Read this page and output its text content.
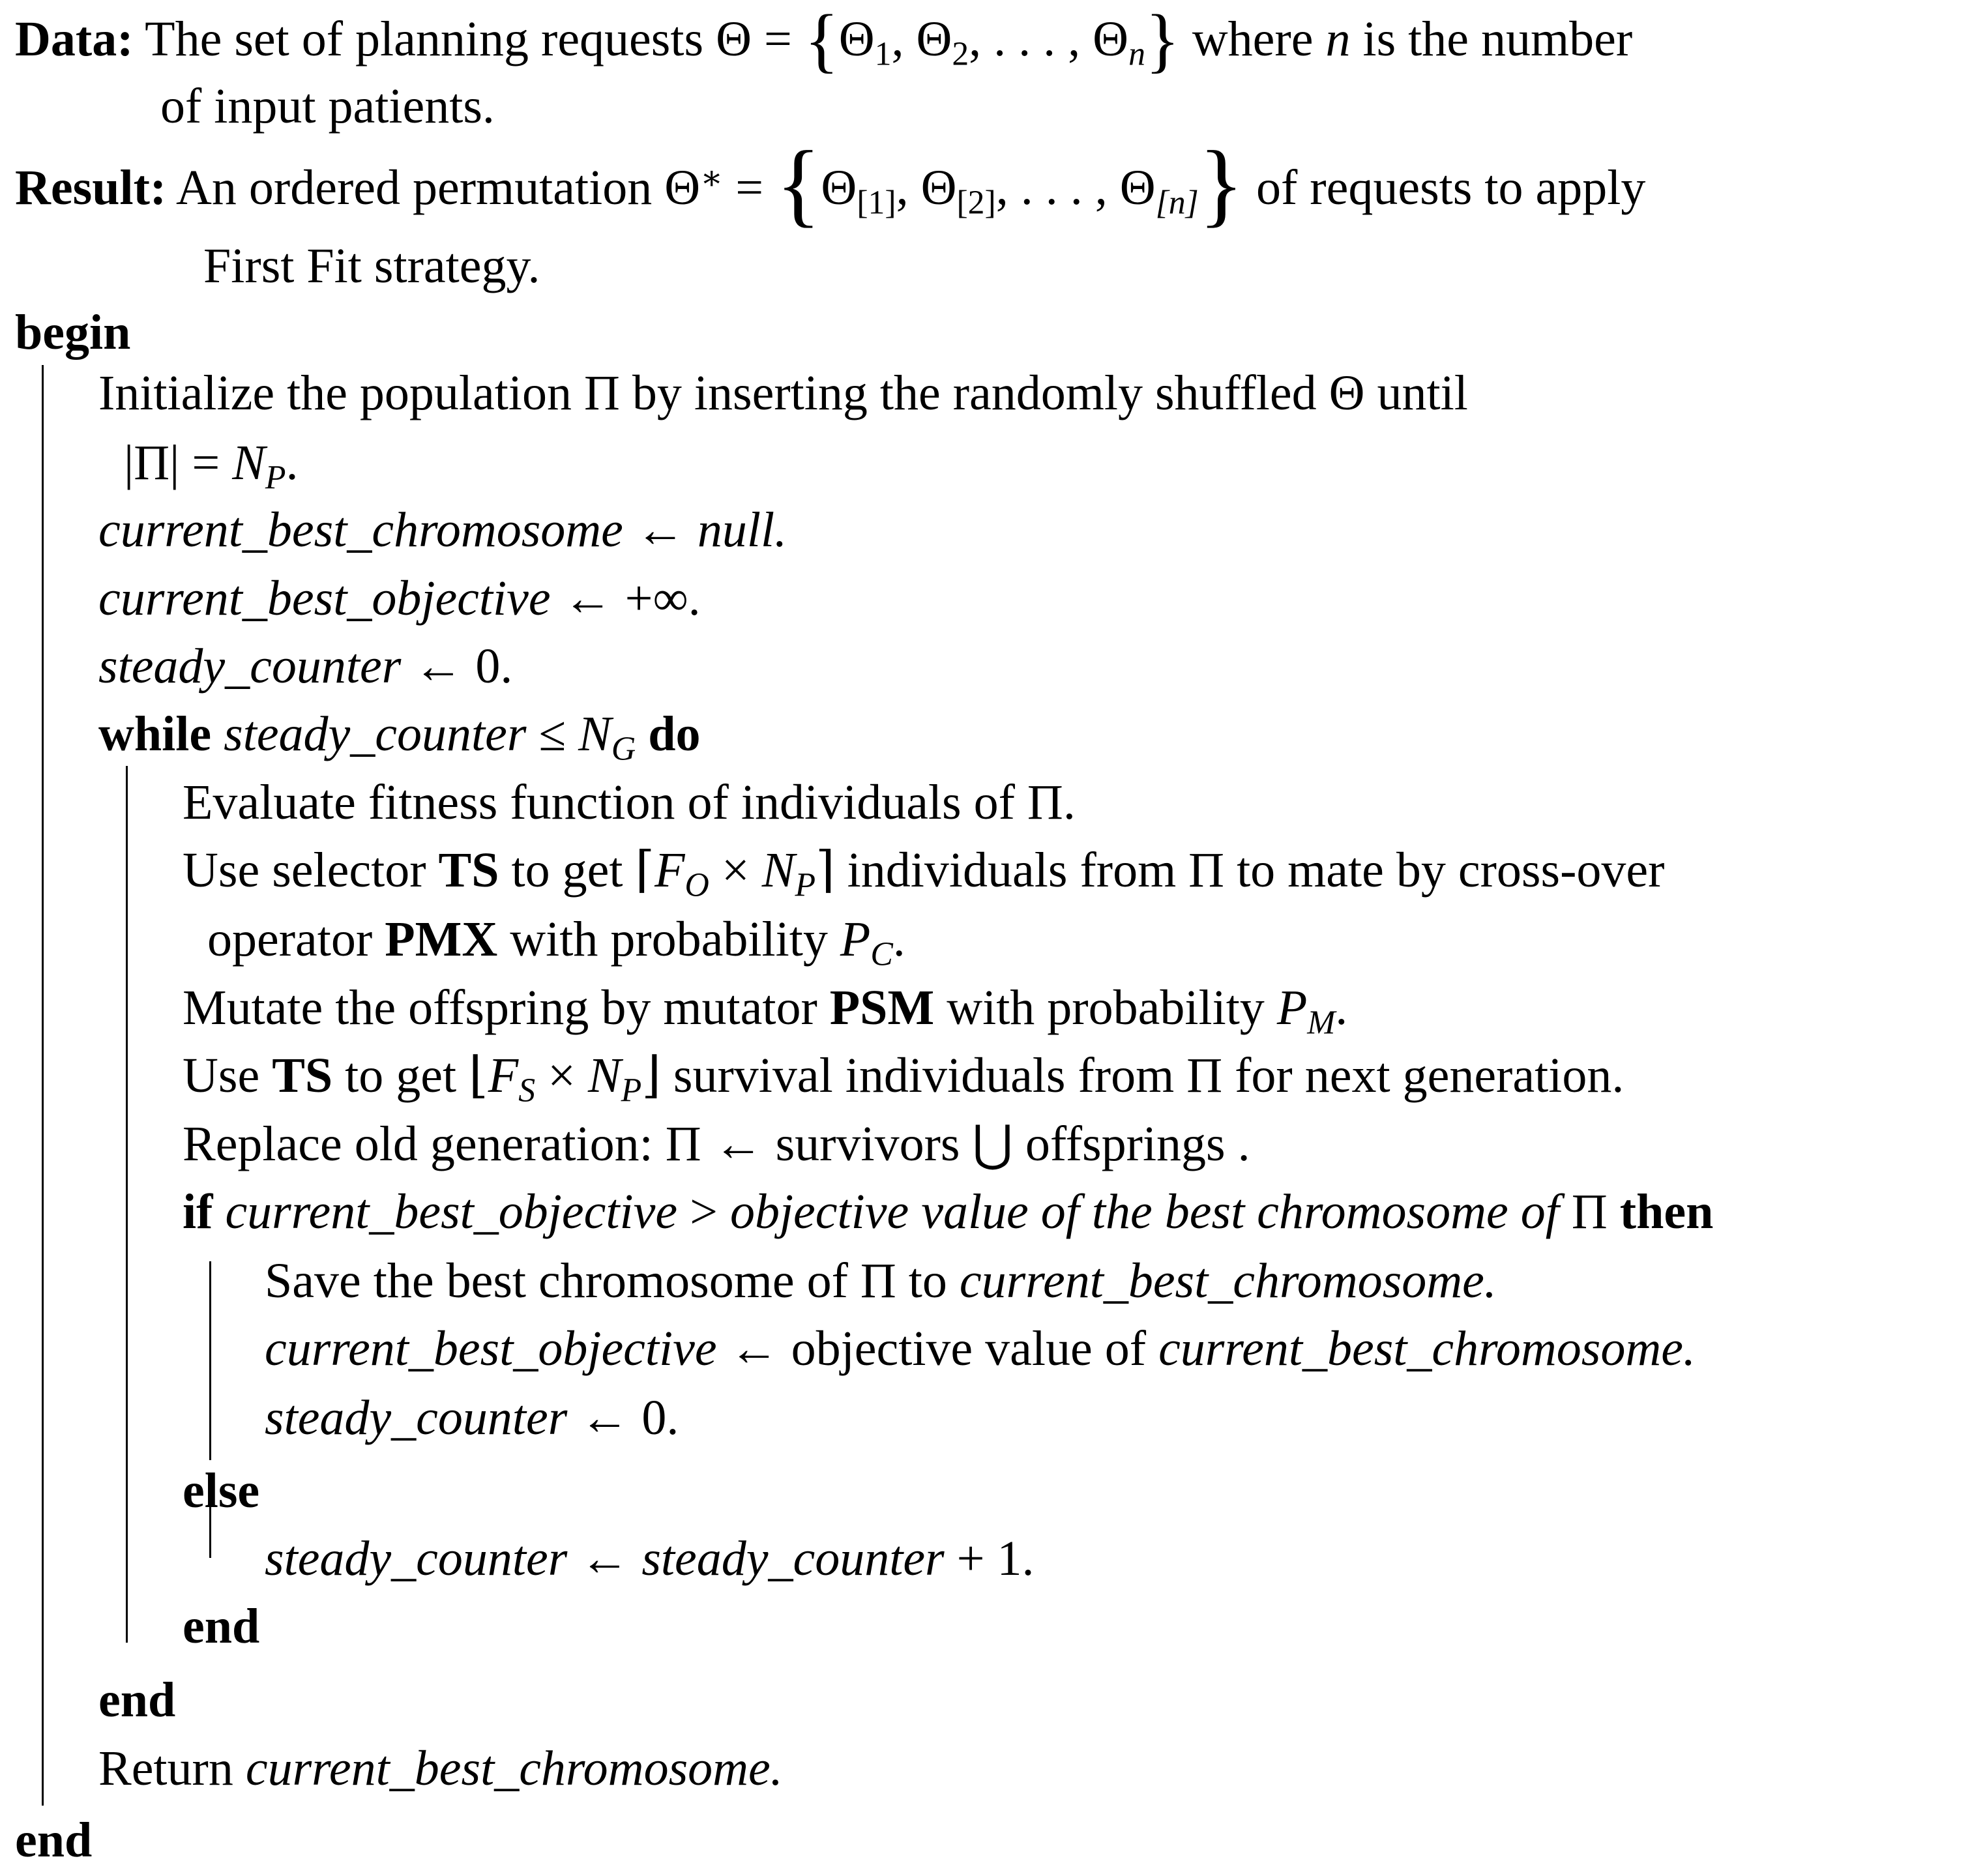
Data: The set of planning requests $\Theta = \{\Theta_1$, $\Theta_2$, . . . , $\Theta_n$} where n is the number
of input patients.
Result: An ordered permutation $\Theta^∗ = \{\Theta_{[1]}$, $\Theta_{[2]}$, . . . , $\Theta_{[n]}$} of requests to apply
First Fit strategy.
begin
Initialize the population Π by inserting the randomly shuffled Θ until
$|\Pi| = N_P$.
current_best_chromosome ← null.
current_best_objective ← +∞.
steady_counter ← 0.
while steady_counter ≤ $N_G$ do
Evaluate fitness function of individuals of Π.
Use selector TS to get $⌈F_O$ × $N_P⌉$ individuals from Π to mate by cross-over
operator PMX with probability $P_C$.
Mutate the offspring by mutator PSM with probability $P_M$.
Use TS to get $⌊F_S$ × $N_P⌋$ survival individuals from Π for next generation.
Replace old generation: Π ← survivors ⋃ offsprings .
if current_best_objective > objective value of the best chromosome of Π then
Save the best chromosome of Π to current_best_chromosome.
current_best_objective ← objective value of current_best_chromosome.
steady_counter ← 0.
else
steady_counter ← steady_counter + 1.
end
end
Return current_best_chromosome.
end
